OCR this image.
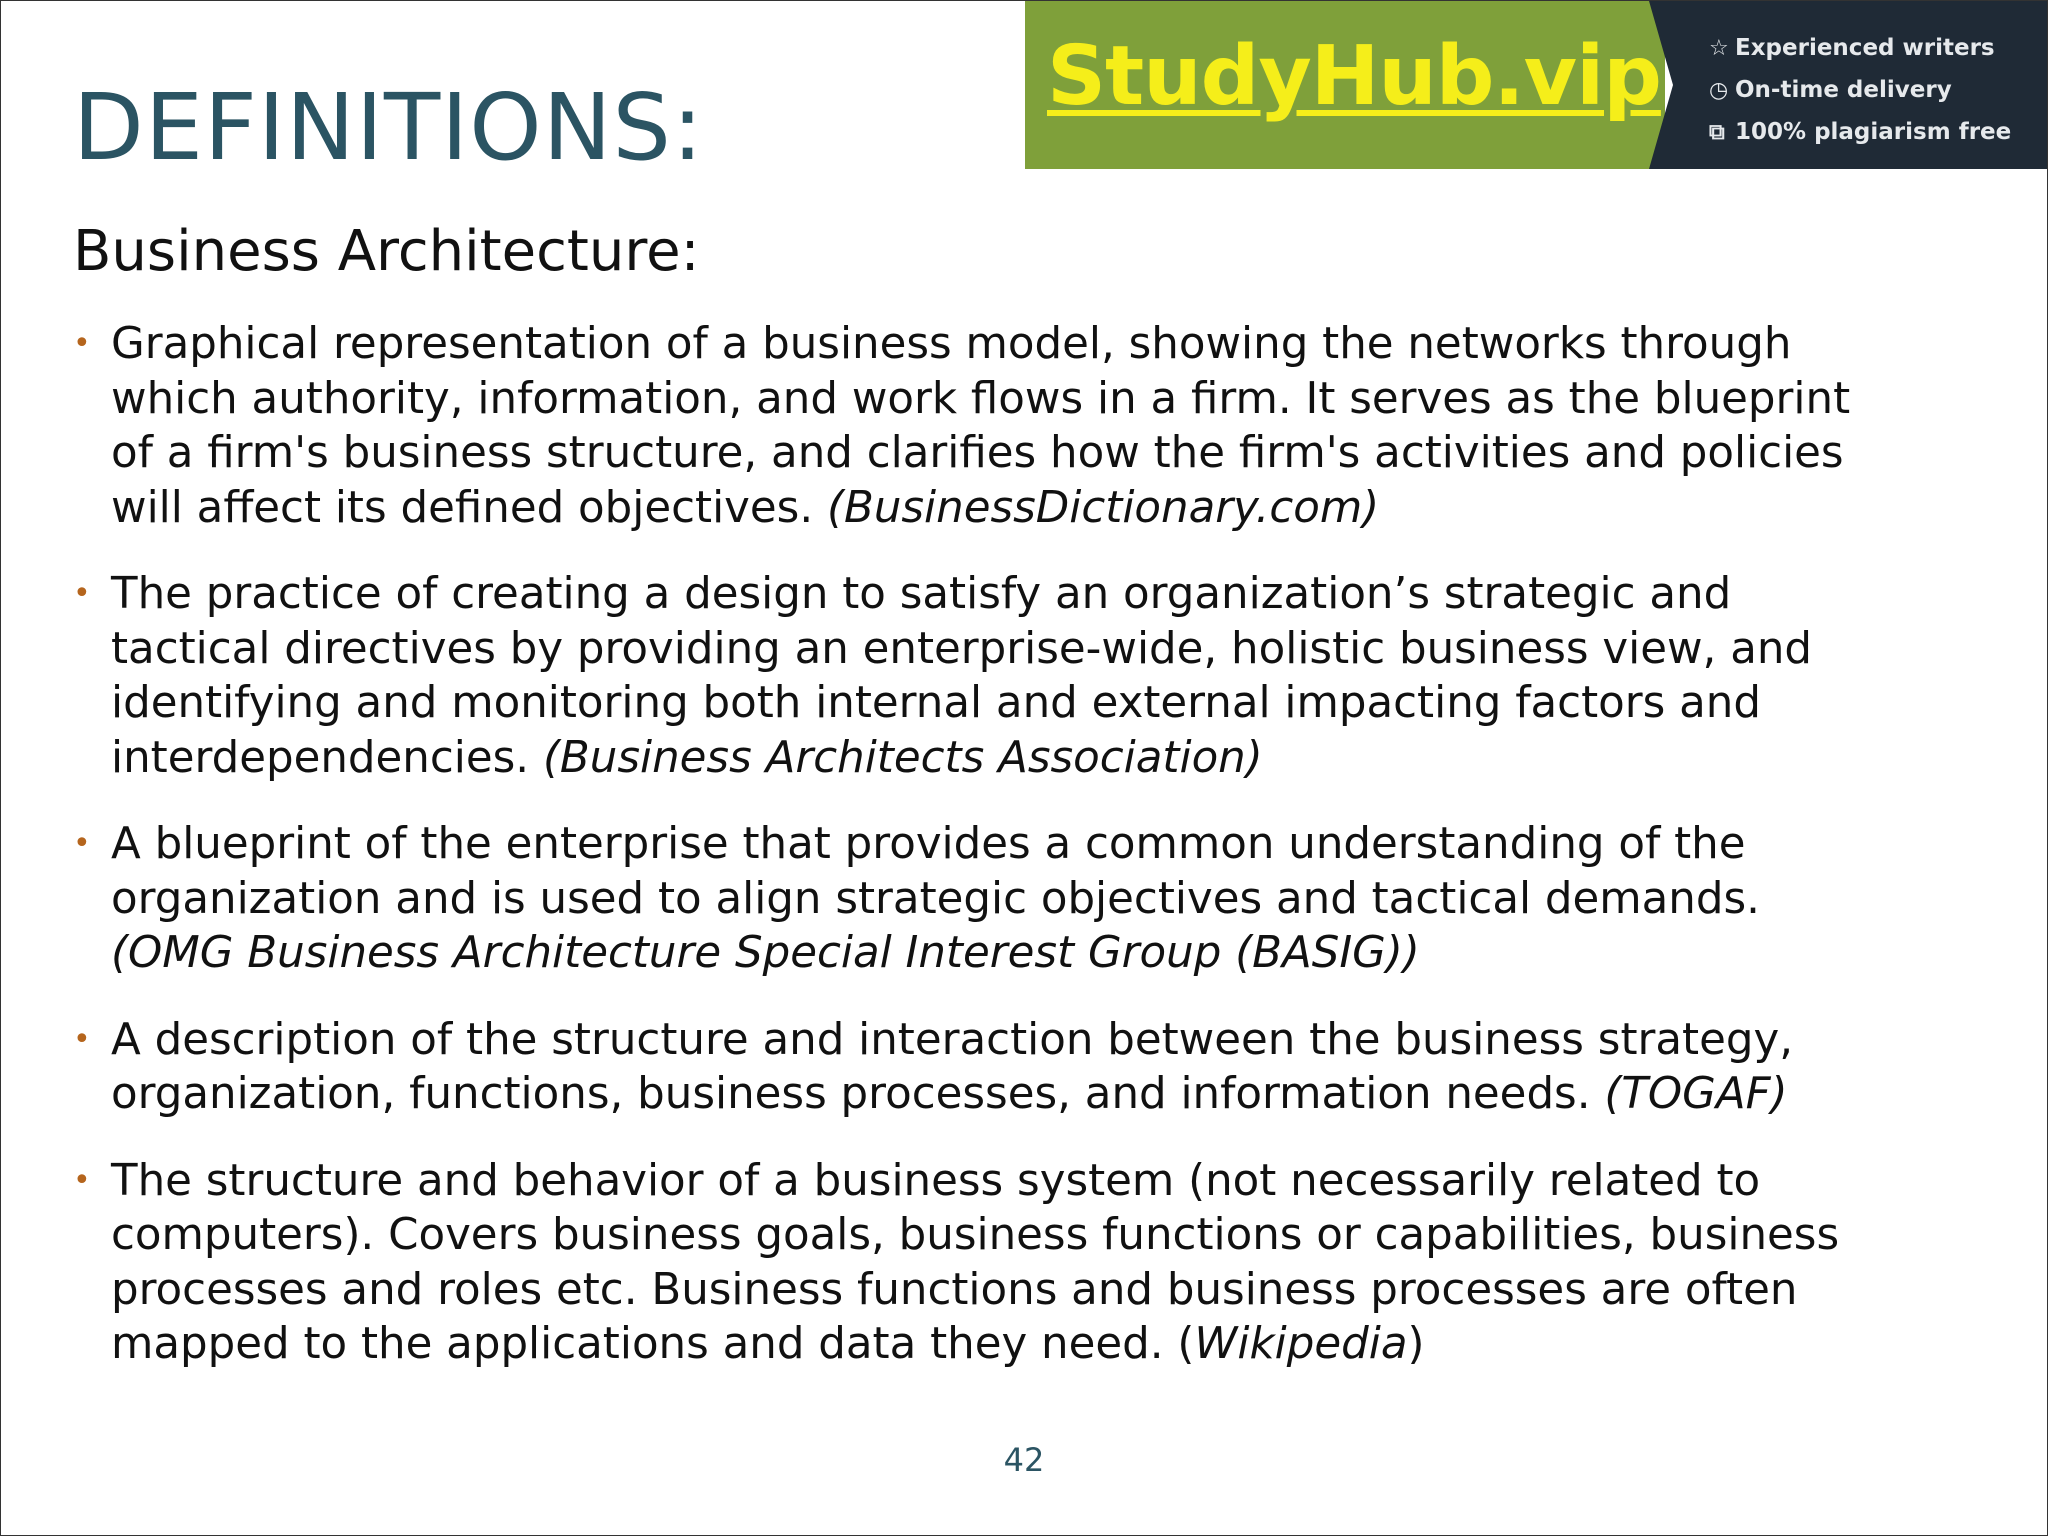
DEFINITIONS:	StudyHub.vip ☆ Experienced writers
◷ On-time delivery
⧉ 100% plagiarism free
Business Architecture:
• Graphical representation of a business model, showing the networks through
which authority, information, and work flows in a firm. It serves as the blueprint
of a firm's business structure, and clarifies how the firm's activities and policies
will affect its defined objectives. (BusinessDictionary.com)
• The practice of creating a design to satisfy an organization’s strategic and
tactical directives by providing an enterprise-wide, holistic business view, and
identifying and monitoring both internal and external impacting factors and
interdependencies. (Business Architects Association)
• A blueprint of the enterprise that provides a common understanding of the
organization and is used to align strategic objectives and tactical demands.
(OMG Business Architecture Special Interest Group (BASIG))
• A description of the structure and interaction between the business strategy,
organization, functions, business processes, and information needs. (TOGAF)
• The structure and behavior of a business system (not necessarily related to
computers). Covers business goals, business functions or capabilities, business
processes and roles etc. Business functions and business processes are often
mapped to the applications and data they need. (Wikipedia)
42
